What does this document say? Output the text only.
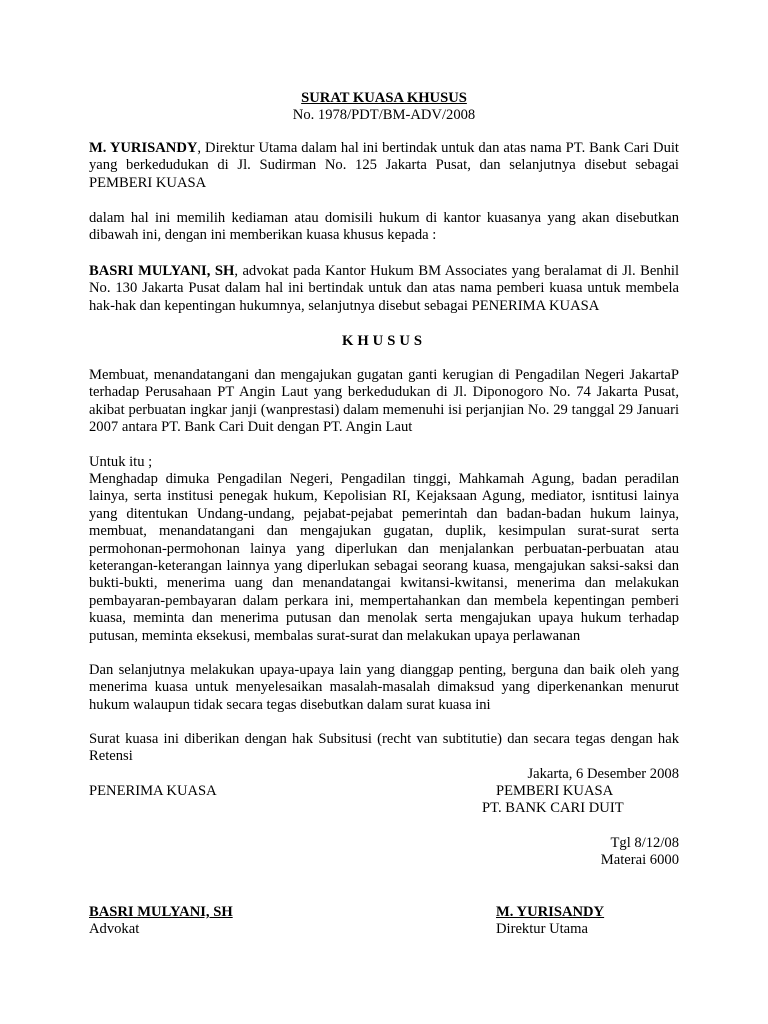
SURAT KUASA KHUSUS
No. 1978/PDT/BM-ADV/2008

M. YURISANDY, Direktur Utama dalam hal ini bertindak untuk dan atas nama PT. Bank Cari Duit yang berkedudukan di Jl. Sudirman No. 125 Jakarta Pusat, dan selanjutnya disebut sebagai PEMBERI KUASA

dalam hal ini memilih kediaman atau domisili hukum di kantor kuasanya yang akan disebutkan dibawah ini, dengan ini memberikan kuasa khusus kepada :

BASRI MULYANI, SH, advokat pada Kantor Hukum BM Associates yang beralamat di Jl. Benhil No. 130 Jakarta Pusat dalam hal ini bertindak untuk dan atas nama pemberi kuasa untuk membela hak-hak dan kepentingan hukumnya, selanjutnya disebut sebagai PENERIMA KUASA

KHUSUS

Membuat, menandatangani dan mengajukan gugatan ganti kerugian di Pengadilan Negeri JakartaP terhadap Perusahaan PT Angin Laut yang berkedudukan di Jl. Diponogoro No. 74 Jakarta Pusat, akibat perbuatan ingkar janji (wanprestasi) dalam memenuhi isi perjanjian No. 29 tanggal 29 Januari 2007 antara PT. Bank Cari Duit dengan PT. Angin Laut

Untuk itu ;

Menghadap dimuka Pengadilan Negeri, Pengadilan tinggi, Mahkamah Agung, badan peradilan lainya, serta institusi penegak hukum, Kepolisian RI, Kejaksaan Agung, mediator, isntitusi lainya yang ditentukan Undang-undang, pejabat-pejabat pemerintah dan badan-badan hukum lainya, membuat, menandatangani dan mengajukan gugatan, duplik, kesimpulan surat-surat serta permohonan-permohonan lainya yang diperlukan dan menjalankan perbuatan-perbuatan atau keterangan-keterangan lainnya yang diperlukan sebagai seorang kuasa, mengajukan saksi-saksi dan bukti-bukti, menerima uang dan menandatangai kwitansi-kwitansi, menerima dan melakukan pembayaran-pembayaran dalam perkara ini, mempertahankan dan membela kepentingan pemberi kuasa, meminta dan menerima putusan dan menolak serta mengajukan upaya hukum terhadap putusan, meminta eksekusi, membalas surat-surat dan melakukan upaya perlawanan

Dan selanjutnya melakukan upaya-upaya lain yang dianggap penting, berguna dan baik oleh yang menerima kuasa untuk menyelesaikan masalah-masalah dimaksud yang diperkenankan menurut hukum walaupun tidak secara tegas disebutkan dalam surat kuasa ini

Surat kuasa ini diberikan dengan hak Subsitusi (recht van subtitutie) dan secara tegas dengan hak Retensi

Jakarta, 6 Desember 2008
PENERIMA KUASA	PEMBERI KUASA
PT. BANK CARI DUIT
Tgl 8/12/08
Materai 6000
BASRI MULYANI, SH
Advokat
M. YURISANDY
Direktur Utama
